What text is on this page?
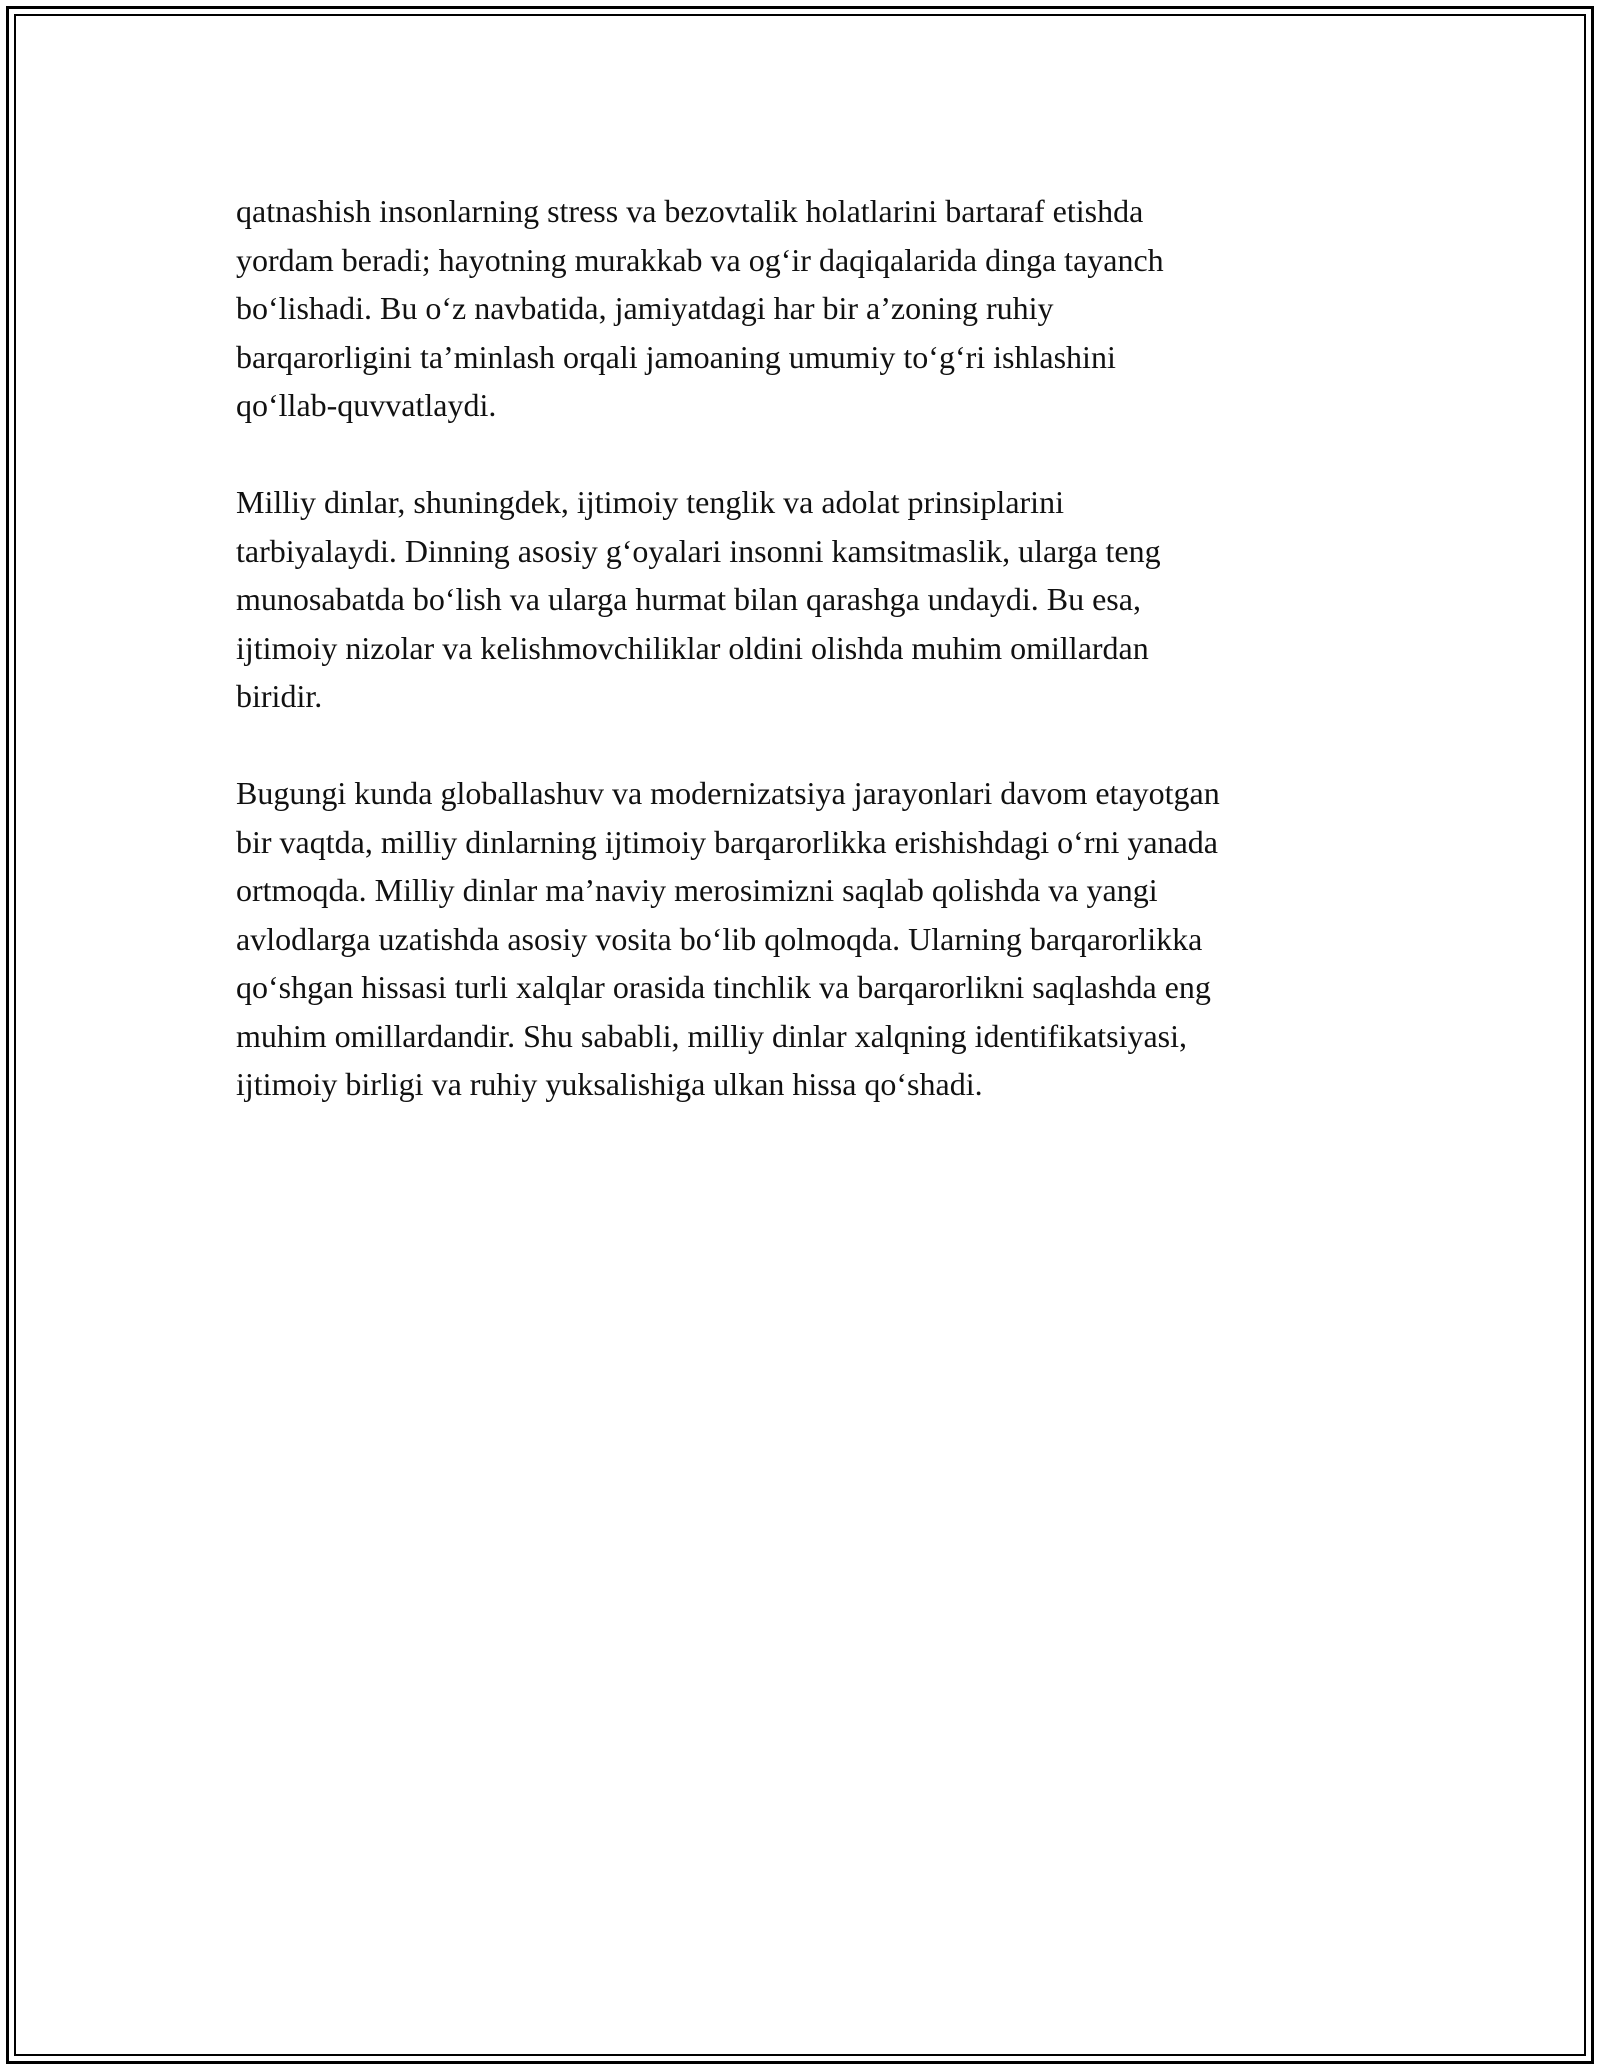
qatnashish insonlarning stress va bezovtalik holatlarini bartaraf etishda
yordam beradi; hayotning murakkab va og‘ir daqiqalarida dinga tayanch
bo‘lishadi. Bu o‘z navbatida, jamiyatdagi har bir a’zoning ruhiy
barqarorligini ta’minlash orqali jamoaning umumiy to‘g‘ri ishlashini
qo‘llab-quvvatlaydi.

Milliy dinlar, shuningdek, ijtimoiy tenglik va adolat prinsiplarini
tarbiyalaydi. Dinning asosiy g‘oyalari insonni kamsitmaslik, ularga teng
munosabatda bo‘lish va ularga hurmat bilan qarashga undaydi. Bu esa,
ijtimoiy nizolar va kelishmovchiliklar oldini olishda muhim omillardan
biridir.

Bugungi kunda globallashuv va modernizatsiya jarayonlari davom etayotgan
bir vaqtda, milliy dinlarning ijtimoiy barqarorlikka erishishdagi o‘rni yanada
ortmoqda. Milliy dinlar ma’naviy merosimizni saqlab qolishda va yangi
avlodlarga uzatishda asosiy vosita bo‘lib qolmoqda. Ularning barqarorlikka
qo‘shgan hissasi turli xalqlar orasida tinchlik va barqarorlikni saqlashda eng
muhim omillardandir. Shu sababli, milliy dinlar xalqning identifikatsiyasi,
ijtimoiy birligi va ruhiy yuksalishiga ulkan hissa qo‘shadi.
